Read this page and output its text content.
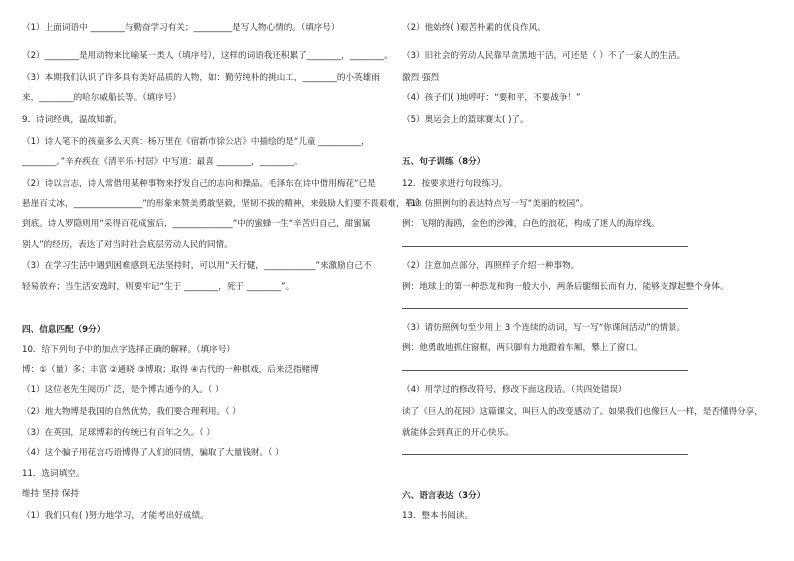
（1）上面词语中 ________与勤奋学习有关；_________是写人物心情的。（填序号）
（2）________是用动物来比喻某一类人（填序号），这样的词语我还积累了________，________。
（3）本期我们认识了许多具有美好品质的人物，如：勤劳纯朴的挑山工，________的小英雄雨
来，________的哈尔威船长等。（填序号）
9．诗词经典，温故知新。
（1）诗人笔下的孩童多么天真：杨万里在《宿新市徐公店》中描绘的是“儿童 __________，
________。”辛弃疾在《清平乐·村居》中写道：最喜 ________，________。
（2）诗以言志，诗人常借用某种事物来抒发自己的志向和操品。毛泽东在诗中借用梅花“已是
悬崖百丈冰，________________”的形象来赞美勇敢坚毅，坚韧不拔的精神，来鼓励人们要不畏艰难，革命
到底。诗人罗隐则用“采得百花成蜜后，______________”中的蜜蜂一生“辛苦归自己，甜蜜属
别人”的经历，表达了对当时社会底层劳动人民的同情。
（3）在学习生活中遇到困难感到无法坚持时，可以用“天行健，____________”来激励自己不
轻易放弃；当生活安逸时，则要牢记“生于 ________，死于 ________”。
四、信息匹配（9分）
10．给下列句子中的加点字选择正确的解释。（填序号）
博：①（量）多；丰富 ②通晓 ③博取；取得 ④古代的一种棋戏，后来泛指赌博
（1）这位老先生阅历广泛，是个博古通今的人。（ ）
（2）地大物博是我国的自然优势，我们要合理利用。（ ）
（3）在英国，足球博彩的传统已有百年之久。（ ）
（4）这个骗子用花言巧语博得了人们的同情，骗取了大量钱财。（ ）
11．选词填空。
维持 坚持 保持
（1）我们只有( )努力地学习，才能考出好成绩。
（2）他始终( )艰苦朴素的优良作风。
（3）旧社会的劳动人民靠早贪黑地干活，可还是（ ）不了一家人的生活。
激烈 强烈
（4）孩子们( )地呼吁：“要和平，不要战争！”
（5）奥运会上的篮球赛太( )了。
五、句子训练（8分）
12．按要求进行句段练习。
（1）仿照例句的表达特点写一写“美丽的校园”。
例：飞翔的海鸥，金色的沙滩，白色的浪花，构成了迷人的海岸线。
（2）注意加点部分，再照样子介绍一种事物。
例：地球上的第一种恐龙和狗一般大小，两条后腿细长而有力，能够支撑起整个身体。
（3）请仿照例句至少用上 3 个连续的动词，写一写“你课间活动”的情景。
例：他勇敢地抓住窗框，两只脚有力地蹬着车厢，攀上了窗口。
（4）用学过的修改符号，修改下面这段话。（共四处错误）
读了《巨人的花园》这篇课文，叫巨人的改变感动了。如果我们也像巨人一样，是否懂得分享，
就能体会到真正的开心快乐。
六、语言表达（3分）
13．整本书阅读。
